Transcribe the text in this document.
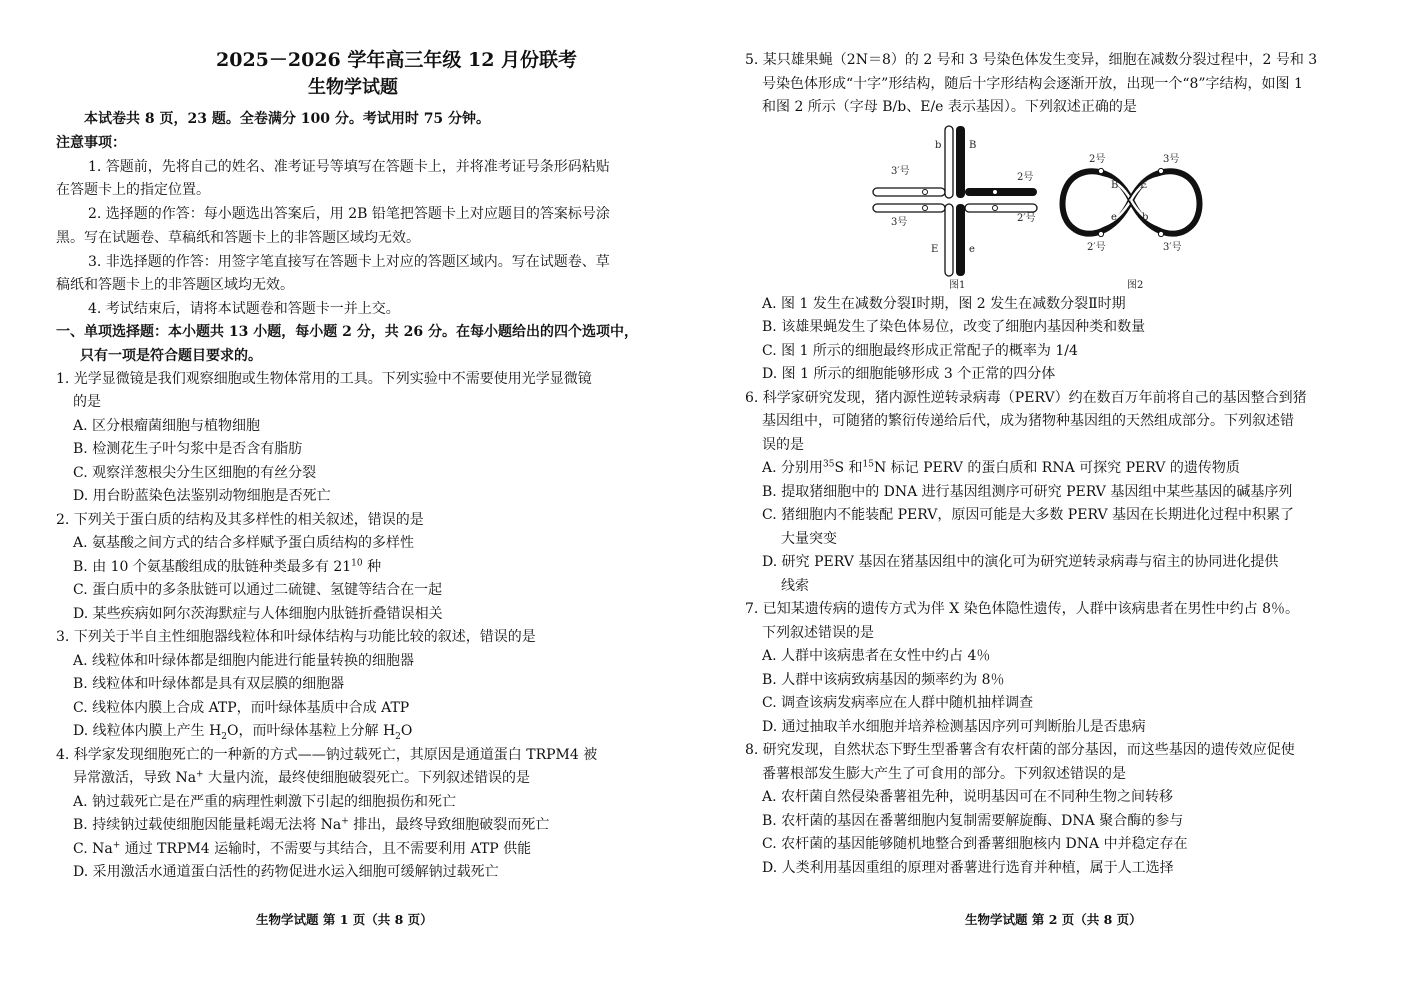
2025－2026 学年高三年级 12 月份联考
生物学试题
本试卷共 8 页，23 题。全卷满分 100 分。考试用时 75 分钟。
注意事项：
1. 答题前，先将自己的姓名、准考证号等填写在答题卡上，并将准考证号条形码粘贴
在答题卡上的指定位置。
2. 选择题的作答：每小题选出答案后，用 2B 铅笔把答题卡上对应题目的答案标号涂
黑。写在试题卷、草稿纸和答题卡上的非答题区域均无效。
3. 非选择题的作答：用签字笔直接写在答题卡上对应的答题区域内。写在试题卷、草
稿纸和答题卡上的非答题区域均无效。
4. 考试结束后，请将本试题卷和答题卡一并上交。
一、单项选择题：本小题共 13 小题，每小题 2 分，共 26 分。在每小题给出的四个选项中，
只有一项是符合题目要求的。
1. 光学显微镜是我们观察细胞或生物体常用的工具。下列实验中不需要使用光学显微镜
的是
A. 区分根瘤菌细胞与植物细胞
B. 检测花生子叶匀浆中是否含有脂肪
C. 观察洋葱根尖分生区细胞的有丝分裂
D. 用台盼蓝染色法鉴别动物细胞是否死亡
2. 下列关于蛋白质的结构及其多样性的相关叙述，错误的是
A. 氨基酸之间方式的结合多样赋予蛋白质结构的多样性
B. 由 10 个氨基酸组成的肽链种类最多有 $21^{10}$ 种
C. 蛋白质中的多条肽链可以通过二硫键、氢键等结合在一起
D. 某些疾病如阿尔茨海默症与人体细胞内肽链折叠错误相关
3. 下列关于半自主性细胞器线粒体和叶绿体结构与功能比较的叙述，错误的是
A. 线粒体和叶绿体都是细胞内能进行能量转换的细胞器
B. 线粒体和叶绿体都是具有双层膜的细胞器
C. 线粒体内膜上合成 ATP，而叶绿体基质中合成 ATP
D. 线粒体内膜上产生 $H_2O$，而叶绿体基粒上分解 $H_2O$
4. 科学家发现细胞死亡的一种新的方式——钠过载死亡，其原因是通道蛋白 TRPM4 被
异常激活，导致 Na+ 大量内流，最终使细胞破裂死亡。下列叙述错误的是
A. 钠过载死亡是在严重的病理性刺激下引起的细胞损伤和死亡
B. 持续钠过载使细胞因能量耗竭无法将 Na+ 排出，最终导致细胞破裂而死亡
C. Na+ 通过 TRPM4 运输时，不需要与其结合，且不需要利用 ATP 供能
D. 采用激活水通道蛋白活性的药物促进水运入细胞可缓解钠过载死亡
生物学试题 第 1 页（共 8 页）
5. 某只雄果蝇（2N＝8）的 2 号和 3 号染色体发生变异，细胞在减数分裂过程中，2 号和 3
号染色体形成“十字”形结构，随后十字形结构会逐渐开放，出现一个“8”字结构，如图 1
和图 2 所示（字母 B/b、E/e 表示基因）。下列叙述正确的是
b	B
E	e
3′号
3号
2号
2′号
图1
2号	3号
B E
e	b
2′号	3′号
图2
A. 图 1 发生在减数分裂Ⅰ时期，图 2 发生在减数分裂Ⅱ时期
B. 该雄果蝇发生了染色体易位，改变了细胞内基因种类和数量
C. 图 1 所示的细胞最终形成正常配子的概率为 1/4
D. 图 1 所示的细胞能够形成 3 个正常的四分体
6. 科学家研究发现，猪内源性逆转录病毒（PERV）约在数百万年前将自己的基因整合到猪
基因组中，可随猪的繁衍传递给后代，成为猪物种基因组的天然组成部分。下列叙述错
误的是
A. 分别用$^{35}$S 和$^{15}$N 标记 PERV 的蛋白质和 RNA 可探究 PERV 的遗传物质
B. 提取猪细胞中的 DNA 进行基因组测序可研究 PERV 基因组中某些基因的碱基序列
C. 猪细胞内不能装配 PERV，原因可能是大多数 PERV 基因在长期进化过程中积累了
大量突变
D. 研究 PERV 基因在猪基因组中的演化可为研究逆转录病毒与宿主的协同进化提供
线索
7. 已知某遗传病的遗传方式为伴 X 染色体隐性遗传，人群中该病患者在男性中约占 8％。
下列叙述错误的是
A. 人群中该病患者在女性中约占 4％
B. 人群中该病致病基因的频率约为 8％
C. 调查该病发病率应在人群中随机抽样调查
D. 通过抽取羊水细胞并培养检测基因序列可判断胎儿是否患病
8. 研究发现，自然状态下野生型番薯含有农杆菌的部分基因，而这些基因的遗传效应促使
番薯根部发生膨大产生了可食用的部分。下列叙述错误的是
A. 农杆菌自然侵染番薯祖先种，说明基因可在不同种生物之间转移
B. 农杆菌的基因在番薯细胞内复制需要解旋酶、DNA 聚合酶的参与
C. 农杆菌的基因能够随机地整合到番薯细胞核内 DNA 中并稳定存在
D. 人类利用基因重组的原理对番薯进行选育并种植，属于人工选择
生物学试题 第 2 页（共 8 页）
